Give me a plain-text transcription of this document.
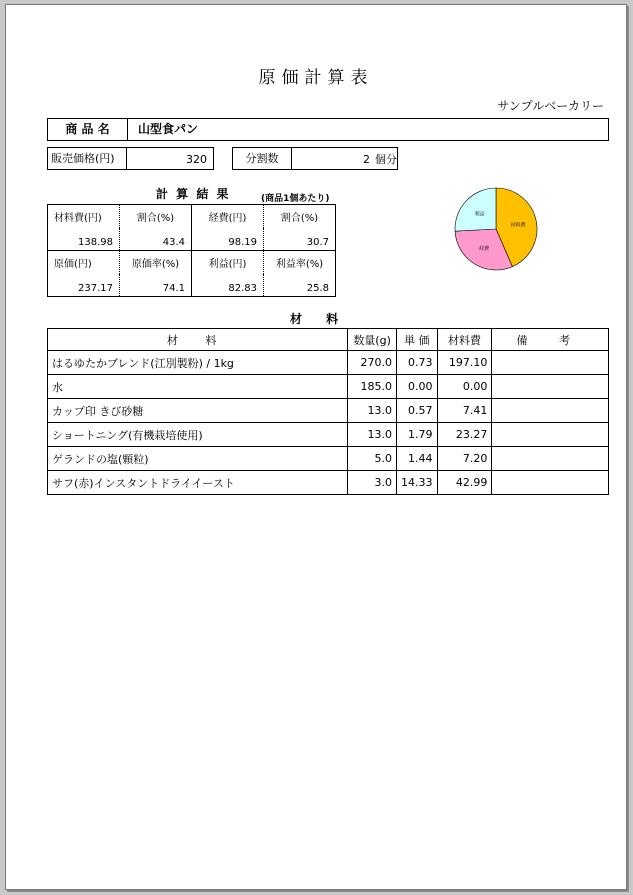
原価計算表
サンプルベーカリー
商 品 名	山型食パン
販売価格(円)	320	分割数	2 個分
計 算 結 果	(商品1個あたり)
材料費(円)	割合(%)	経費(円)	割合(%)
138.98	43.4	98.19	30.7
原価(円)	原価率(%)	利益(円)	利益率(%)
237.17	74.1	82.83	25.8
材料費
経費
利益
材 料
材 料	数量(g)	単 価	材料費	備 考
はるゆたかブレンド(江別製粉) / 1kg	270.0	0.73	197.10	
水	185.0	0.00	0.00	
カップ印 きび砂糖	13.0	0.57	7.41	
ショートニング(有機栽培使用)	13.0	1.79	23.27	
ゲランドの塩(顆粒)	5.0	1.44	7.20	
サフ(赤)インスタントドライイースト	3.0	14.33	42.99	
